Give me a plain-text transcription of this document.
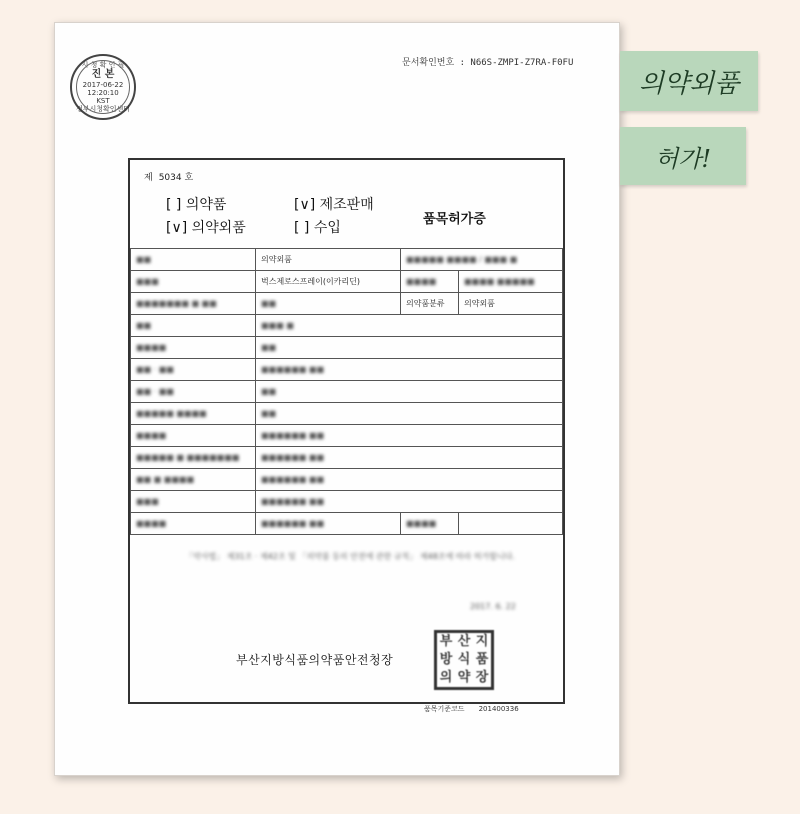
의약외품
허가!
시 청 확 인 필
진 본
2017-06-22
12:20:10
KST
정부시청확인센터
문서확인번호 : N66S-ZMPI-Z7RA-F0FU
제 5034 호
[ ] 의약품	[∨] 제조판매
[∨] 의약외품	[ ] 수입
품목허가증
■■	의약외품	■■■■■ ■■■■ / ■■■ ■	
■■■	벅스제로스프레이(이카리딘)	■■■■	■■■■ ■■■■■
■■■■■■■ ■ ■■	■■	의약품분류	의약외품
■■	■■■ ■		
■■■■	■■		
■■ · ■■	■■■■■■ ■■		
■■ · ■■	■■		
■■■■■ ■■■■	■■		
■■■■	■■■■■■ ■■		
■■■■■ ■ ■■■■■■■	■■■■■■ ■■		
■■ ■ ■■■■	■■■■■■ ■■		
■■■	■■■■■■ ■■		
■■■■	■■■■■■ ■■	■■■■	
「약사법」 제31조 · 제42조 및 「의약품 등의 안전에 관한 규칙」 제48조에 따라 허가합니다.
2017. 6. 22
부산지방식품의약품안전청장
부 산 지
방 식 품
의 약 장
품목기준코드 201400336
